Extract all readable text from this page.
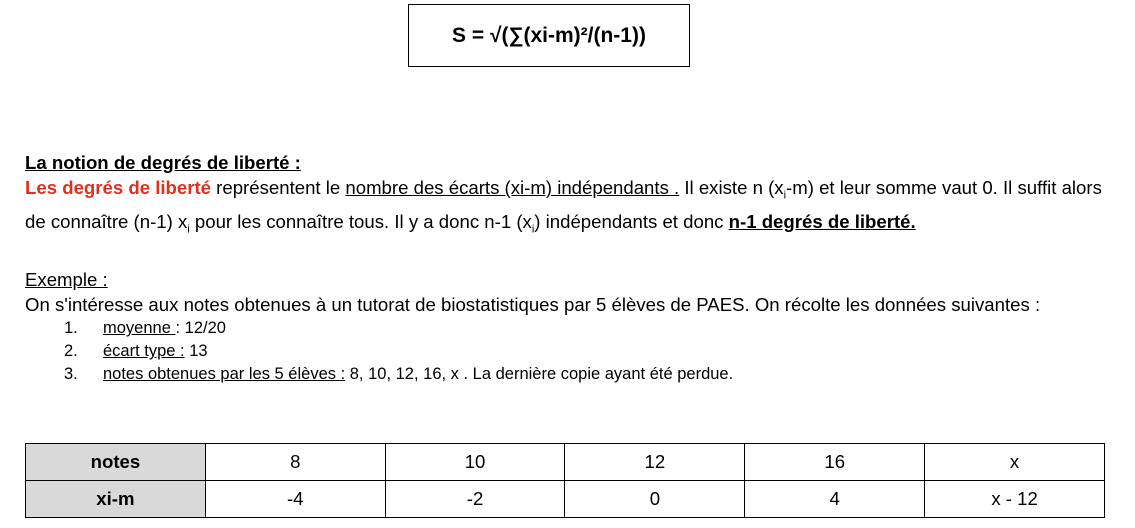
S = √(∑(xi-m)²/(n-1))
La notion de degrés de liberté :
Les degrés de liberté représentent le nombre des écarts (xi-m) indépendants . Il existe n $(x_i-m)$ et leur somme vaut 0. Il suffit alors de connaître (n-1) $x_i$ pour les connaître tous. Il y a donc n-1 $(x_i)$ indépendants et donc n-1 degrés de liberté.
Exemple :
On s'intéresse aux notes obtenues à un tutorat de biostatistiques par 5 élèves de PAES. On récolte les données suivantes :
1.	moyenne : 12/20
2.	écart type : 13
3.	notes obtenues par les 5 élèves : 8, 10, 12, 16, x . La dernière copie ayant été perdue.
notes	8	10	12	16	x
xi-m	-4	-2	0	4	x - 12
